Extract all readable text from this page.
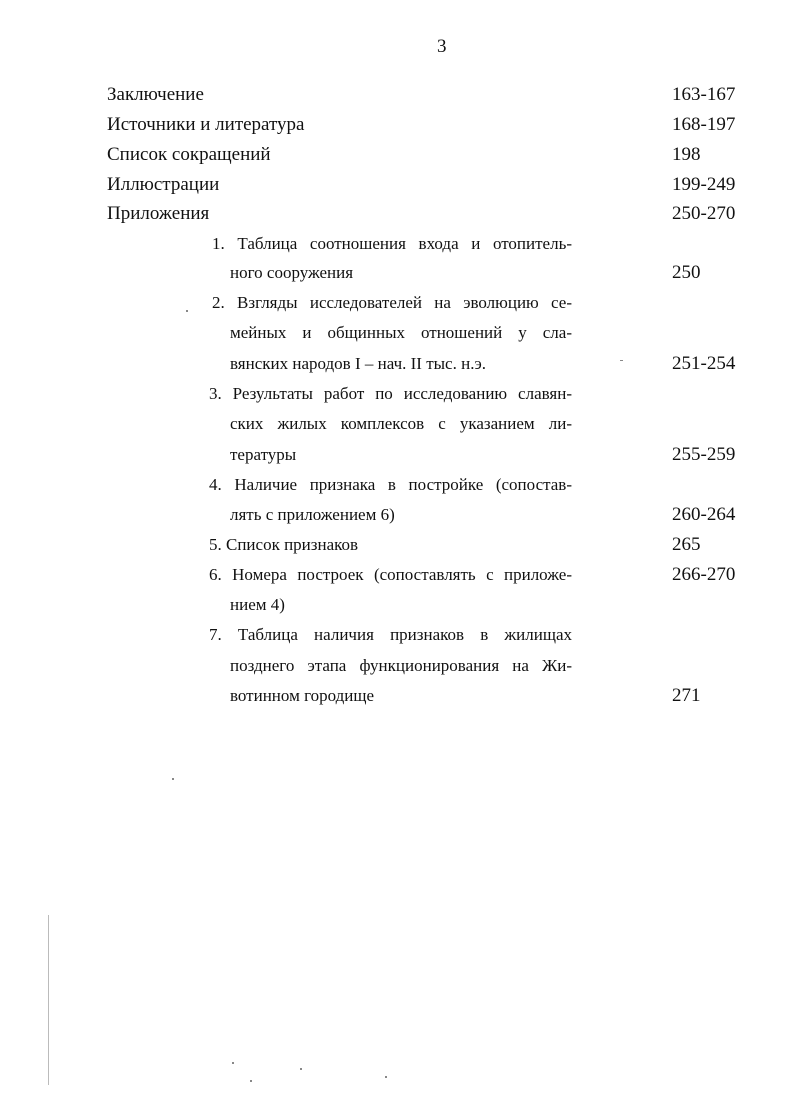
3
Заключение	163-167
Источники и литература	168-197
Список сокращений	198
Иллюстрации	199-249
Приложения	250-270
1. Таблица соотношения входа и отопитель-
ного сооружения	250
2. Взгляды исследователей на эволюцию се-
мейных и общинных отношений у сла-
вянских народов I – нач. II тыс. н.э.	251-254
3. Результаты работ по исследованию славян-
ских жилых комплексов с указанием ли-
тературы	255-259
4. Наличие признака в постройке (сопостав-
лять с приложением 6)	260-264
5. Список признаков	265
6. Номера построек (сопоставлять с приложе-	266-270
нием 4)
7. Таблица наличия признаков в жилищах
позднего этапа функционирования на Жи-
вотинном городище	271
